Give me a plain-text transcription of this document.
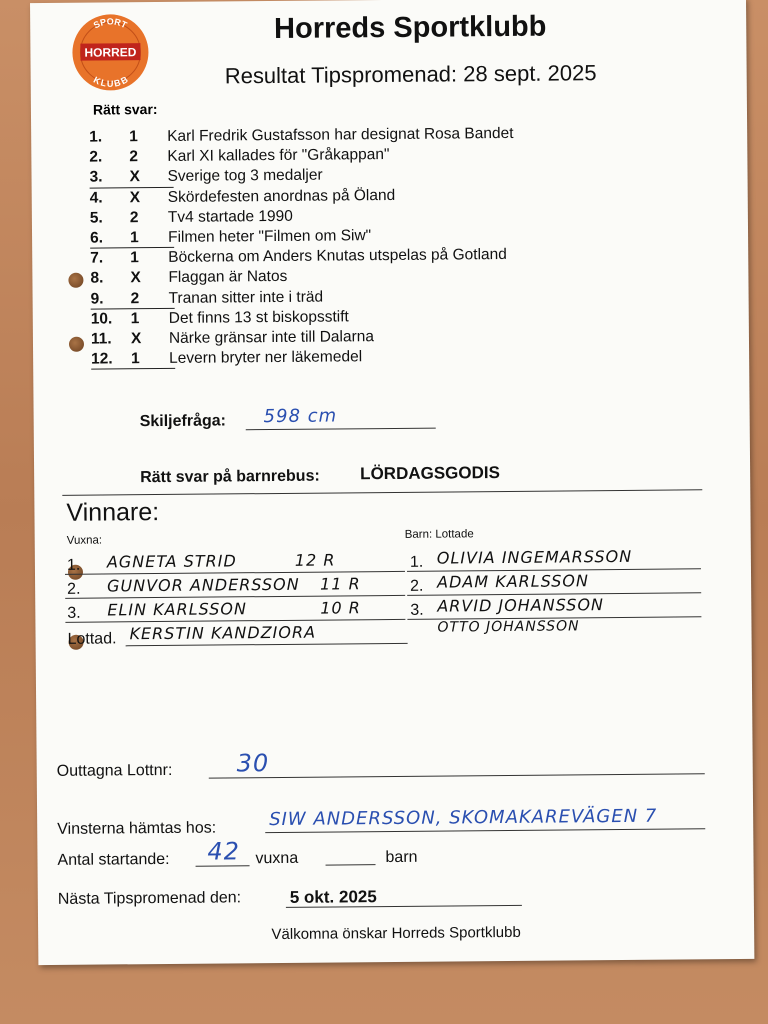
SPORT
HORRED
KLUBB
Horreds Sportklubb
Resultat Tipspromenad: 28 sept. 2025
Rätt svar:
1.	1	Karl Fredrik Gustafsson har designat Rosa Bandet
2.	2	Karl XI kallades för "Gråkappan"
3.	X	Sverige tog 3 medaljer
4.	X	Skördefesten anordnas på Öland
5.	2	Tv4 startade 1990
6.	1	Filmen heter "Filmen om Siw"
7.	1	Böckerna om Anders Knutas utspelas på Gotland
8.	X	Flaggan är Natos
9.	2	Tranan sitter inte i träd
10. 1	Det finns 13 st biskopsstift
11. X	Närke gränsar inte till Dalarna
12. 1	Levern bryter ner läkemedel
Skiljefråga: 598 cm
Rätt svar på barnrebus: LÖRDAGSGODIS
Vinnare:
Vuxna:	Barn: Lottade
1. AGNETA STRID	12 R
2. GUNVOR ANDERSSON 11 R
3. ELIN KARLSSON	10 R
Lottad. KERSTIN KANDZIORA
1. OLIVIA INGEMARSSON
2. ADAM KARLSSON
3. ARVID JOHANSSON
OTTO JOHANSSON
Outtagna Lottnr:	30
Vinsterna hämtas hos:	SIW ANDERSSON, SKOMAKAREVÄGEN 7
Antal startande: 42 vuxna	barn
Nästa Tipspromenad den:	5 okt. 2025
Välkomna önskar Horreds Sportklubb
